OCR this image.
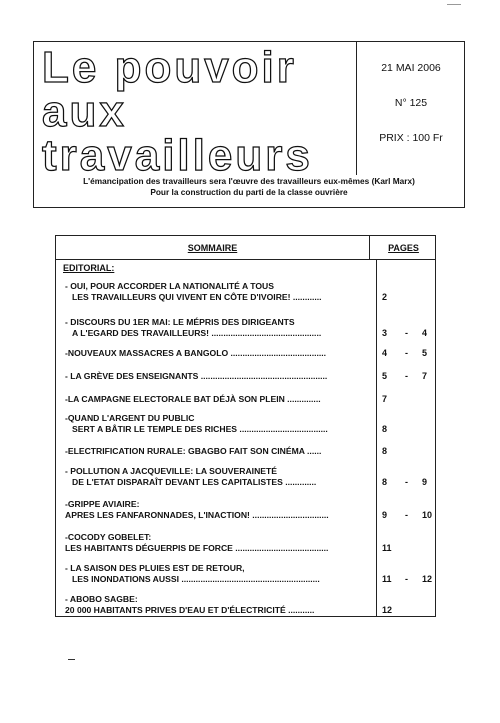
Le pouvoir
aux
travailleurs
21 MAI 2006
N° 125
PRIX : 100 Fr
L'émancipation des travailleurs sera l'œuvre des travailleurs eux-mêmes (Karl Marx)
Pour la construction du parti de la classe ouvrière
SOMMAIRE	PAGES
EDITORIAL:
- OUI, POUR ACCORDER LA NATIONALITÉ A TOUS
LES TRAVAILLEURS QUI VIVENT EN CÔTE D'IVOIRE! ............	2
- DISCOURS DU 1ER MAI: LE MÉPRIS DES DIRIGEANTS
A L'EGARD DES TRAVAILLEURS! ..............................................	3 - 4
-NOUVEAUX MASSACRES A BANGOLO ........................................	4 - 5
- LA GRÈVE DES ENSEIGNANTS .....................................................	5 - 7
-LA CAMPAGNE ELECTORALE BAT DÉJÀ SON PLEIN ..............	7
-QUAND L'ARGENT DU PUBLIC
SERT A BÂTIR LE TEMPLE DES RICHES .....................................	8
-ELECTRIFICATION RURALE: GBAGBO FAIT SON CINÉMA ......	8
- POLLUTION A JACQUEVILLE: LA SOUVERAINETÉ
DE L'ETAT DISPARAÎT DEVANT LES CAPITALISTES .............	8 - 9
-GRIPPE AVIAIRE:
APRES LES FANFARONNADES, L'INACTION! ................................	9 - 10
-COCODY GOBELET:
LES HABITANTS DÉGUERPIS DE FORCE .......................................	11
- LA SAISON DES PLUIES EST DE RETOUR,
LES INONDATIONS AUSSI ..........................................................	11 - 12
- ABOBO SAGBE:
20 000 HABITANTS PRIVES D'EAU ET D'ÉLECTRICITÉ ...........	12
